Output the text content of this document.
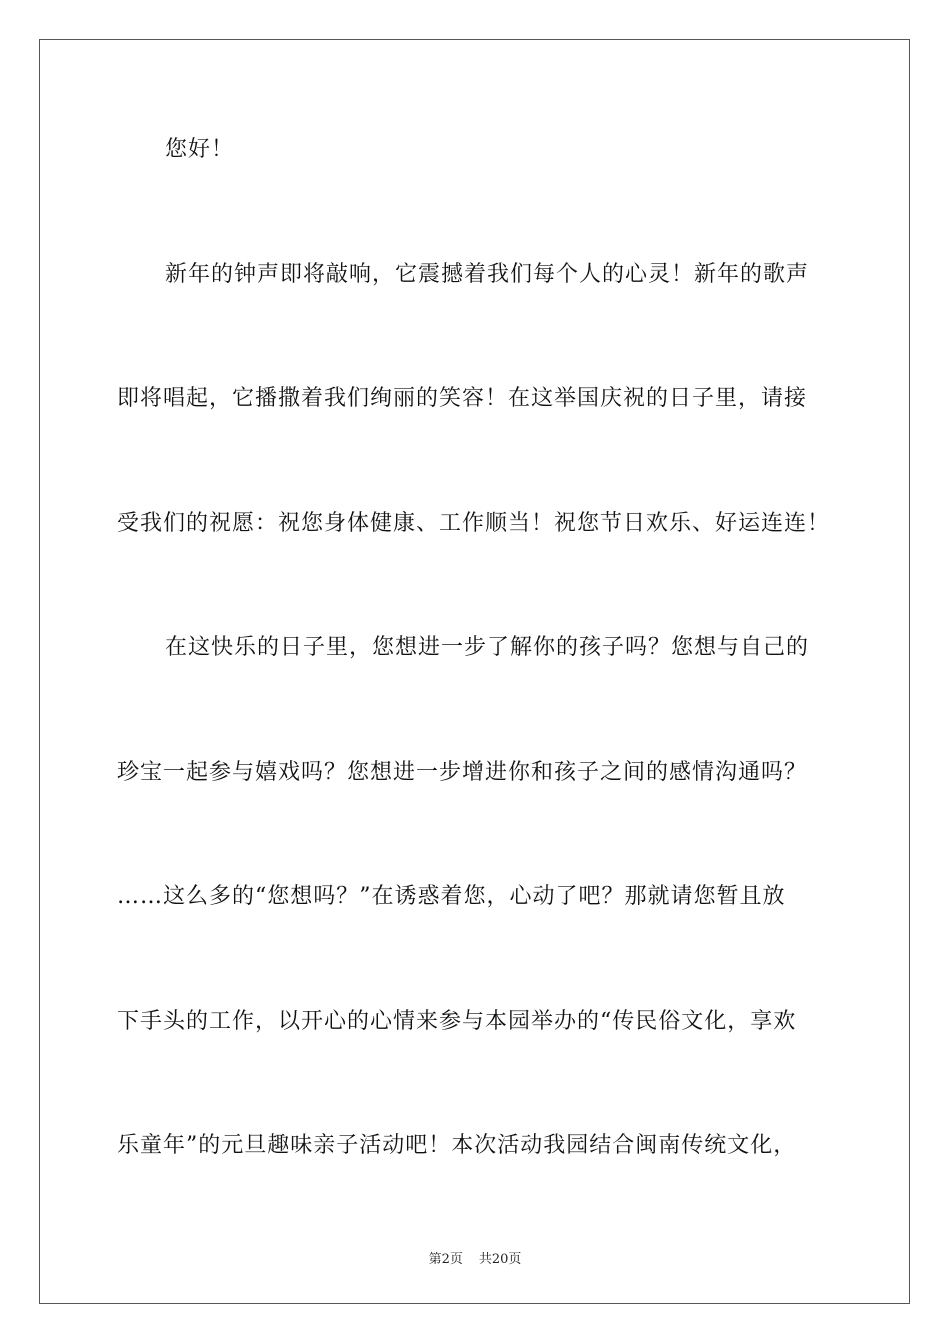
您好！
新年的钟声即将敲响，它震撼着我们每个人的心灵！新年的歌声
即将唱起，它播撒着我们绚丽的笑容！在这举国庆祝的日子里，请接
受我们的祝愿：祝您身体健康、工作顺当！祝您节日欢乐、好运连连！
在这快乐的日子里，您想进一步了解你的孩子吗？您想与自己的
珍宝一起参与嬉戏吗？您想进一步增进你和孩子之间的感情沟通吗？
……这么多的“您想吗？”在诱惑着您，心动了吧？那就请您暂且放
下手头的工作，以开心的心情来参与本园举办的“传民俗文化，享欢
乐童年”的元旦趣味亲子活动吧！本次活动我园结合闽南传统文化，
第2页 共20页
